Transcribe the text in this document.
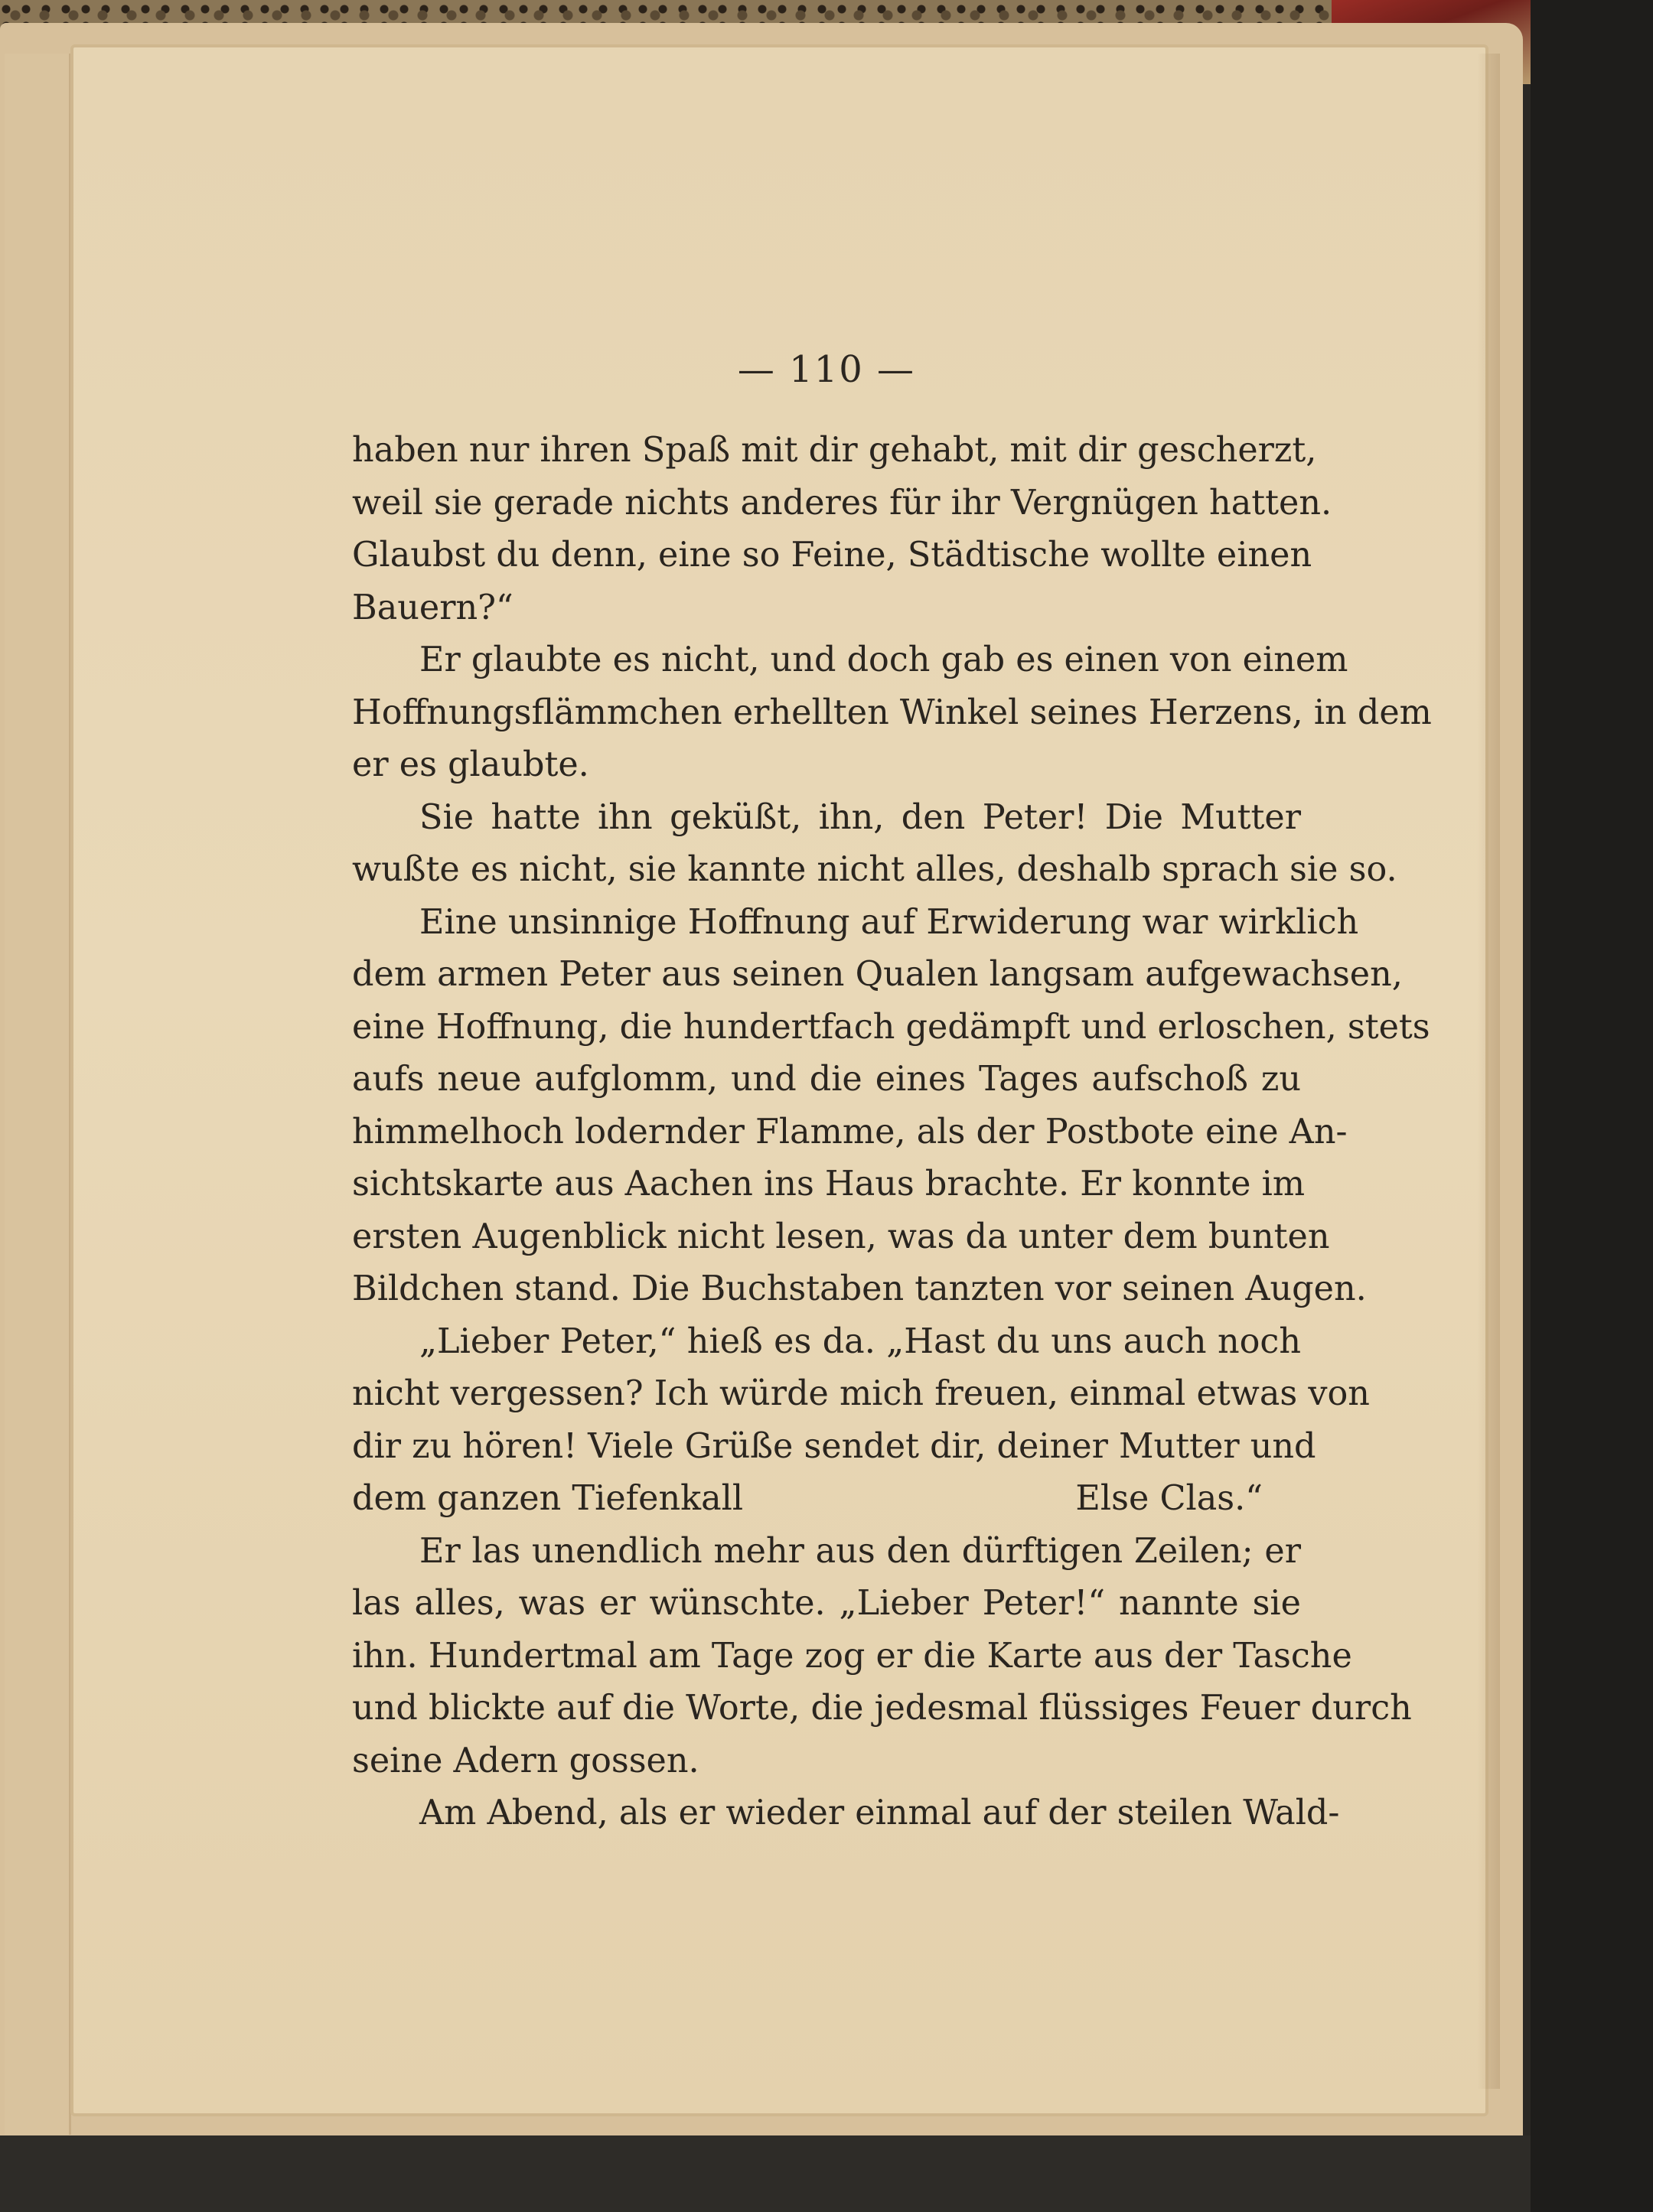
— 110 —
haben nur ihren Spaß mit dir gehabt, mit dir gescherzt,
weil sie gerade nichts anderes für ihr Vergnügen hatten.
Glaubst du denn, eine so Feine, Städtische wollte einen
Bauern?“
Er glaubte es nicht, und doch gab es einen von einem
Hoffnungsflämmchen erhellten Winkel seines Herzens, in dem
er es glaubte.
Sie hatte ihn geküßt, ihn, den Peter! Die Mutter
wußte es nicht, sie kannte nicht alles, deshalb sprach sie so.
Eine unsinnige Hoffnung auf Erwiderung war wirklich
dem armen Peter aus seinen Qualen langsam aufgewachsen,
eine Hoffnung, die hundertfach gedämpft und erloschen, stets
aufs neue aufglomm, und die eines Tages aufschoß zu
himmelhoch lodernder Flamme, als der Postbote eine An-
sichtskarte aus Aachen ins Haus brachte. Er konnte im
ersten Augenblick nicht lesen, was da unter dem bunten
Bildchen stand. Die Buchstaben tanzten vor seinen Augen.
„Lieber Peter,“ hieß es da. „Hast du uns auch noch
nicht vergessen? Ich würde mich freuen, einmal etwas von
dir zu hören! Viele Grüße sendet dir, deiner Mutter und
dem ganzen Tiefenkall	Else Clas.“
Er las unendlich mehr aus den dürftigen Zeilen; er
las alles, was er wünschte. „Lieber Peter!“ nannte sie
ihn. Hundertmal am Tage zog er die Karte aus der Tasche
und blickte auf die Worte, die jedesmal flüssiges Feuer durch
seine Adern gossen.
Am Abend, als er wieder einmal auf der steilen Wald-
